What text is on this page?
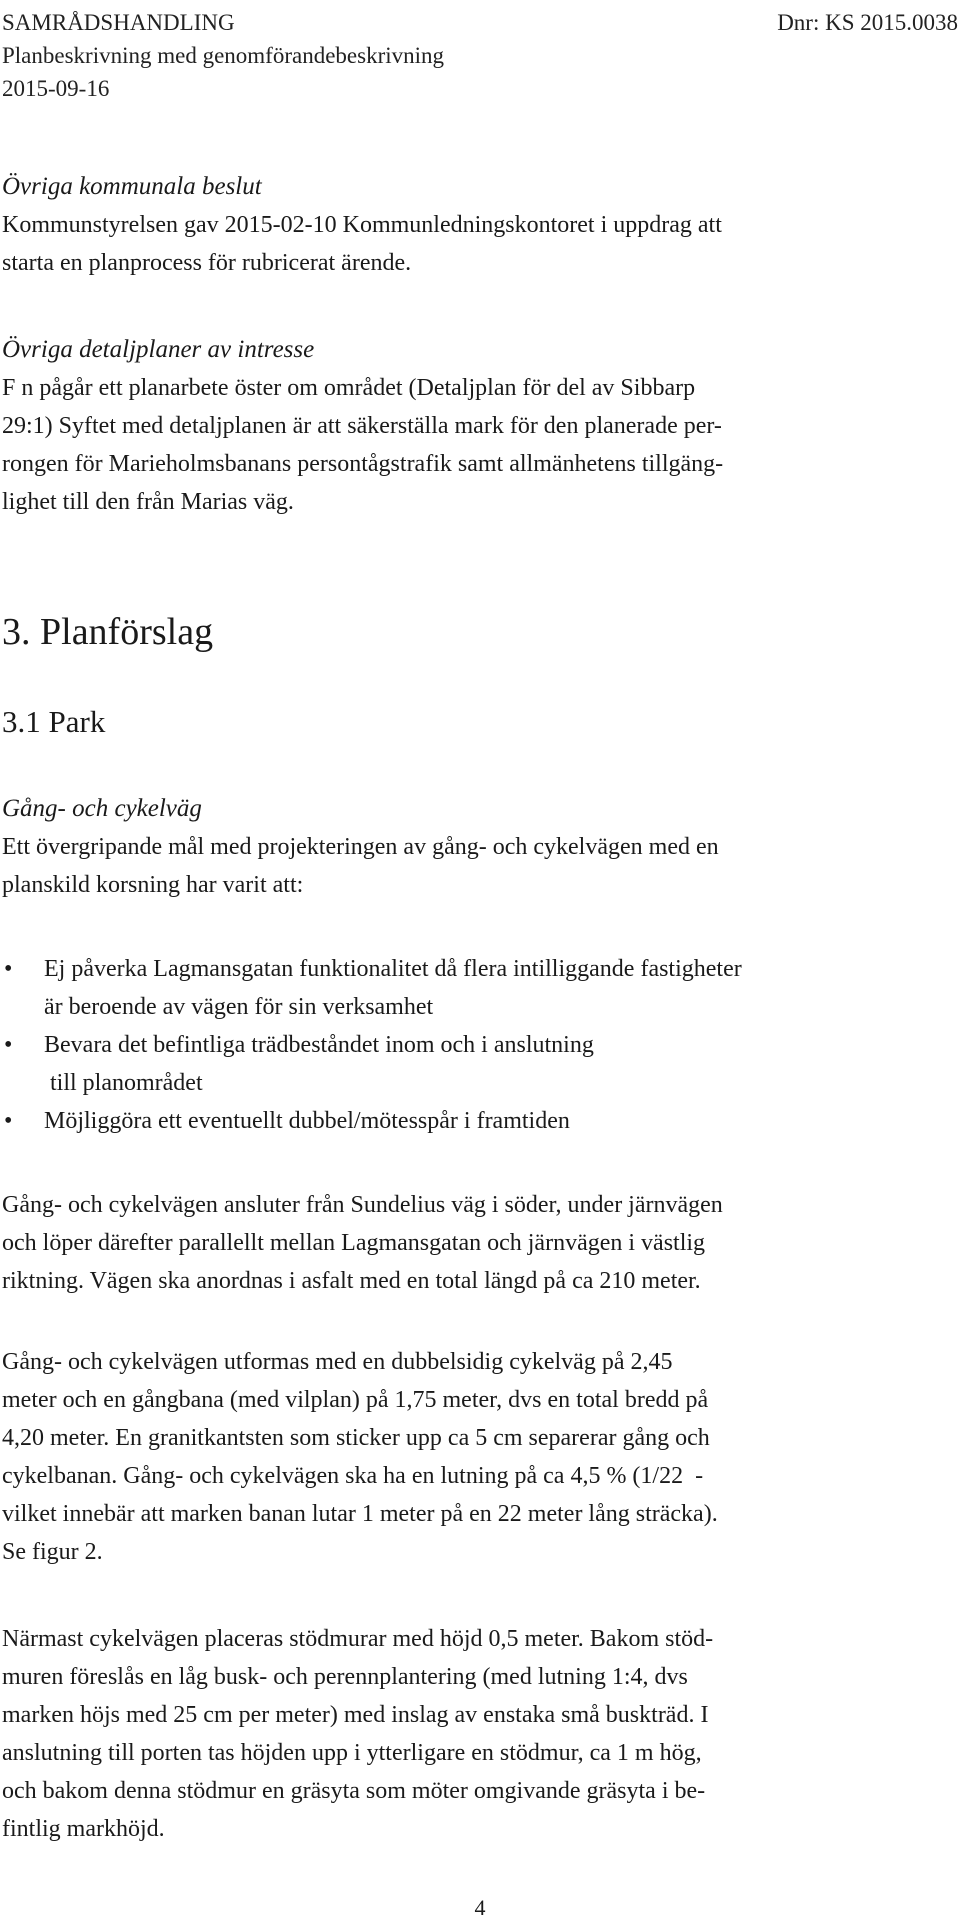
SAMRÅDSHANDLING
Planbeskrivning med genomförandebeskrivning
2015-09-16
Dnr: KS 2015.0038
Övriga kommunala beslut
Kommunstyrelsen gav 2015-02-10 Kommunledningskontoret i uppdrag att
starta en planprocess för rubricerat ärende.
Övriga detaljplaner av intresse
F n pågår ett planarbete öster om området (Detaljplan för del av Sibbarp
29:1) Syftet med detaljplanen är att säkerställa mark för den planerade per-
rongen för Marieholmsbanans persontågstrafik samt allmänhetens tillgäng-
lighet till den från Marias väg.
3. Planförslag
3.1 Park
Gång- och cykelväg
Ett övergripande mål med projekteringen av gång- och cykelvägen med en
planskild korsning har varit att:
• Ej påverka Lagmansgatan funktionalitet då flera intilliggande fastigheter
är beroende av vägen för sin verksamhet
• Bevara det befintliga trädbeståndet inom och i anslutning
till planområdet
• Möjliggöra ett eventuellt dubbel/mötesspår i framtiden
Gång- och cykelvägen ansluter från Sundelius väg i söder, under järnvägen
och löper därefter parallellt mellan Lagmansgatan och järnvägen i västlig
riktning. Vägen ska anordnas i asfalt med en total längd på ca 210 meter.
Gång- och cykelvägen utformas med en dubbelsidig cykelväg på 2,45
meter och en gångbana (med vilplan) på 1,75 meter, dvs en total bredd på
4,20 meter. En granitkantsten som sticker upp ca 5 cm separerar gång och
cykelbanan. Gång- och cykelvägen ska ha en lutning på ca 4,5 % (1/22  -
vilket innebär att marken banan lutar 1 meter på en 22 meter lång sträcka).
Se figur 2.
Närmast cykelvägen placeras stödmurar med höjd 0,5 meter. Bakom stöd-
muren föreslås en låg busk- och perennplantering (med lutning 1:4, dvs
marken höjs med 25 cm per meter) med inslag av enstaka små buskträd. I
anslutning till porten tas höjden upp i ytterligare en stödmur, ca 1 m hög,
och bakom denna stödmur en gräsyta som möter omgivande gräsyta i be-
fintlig markhöjd.
4
